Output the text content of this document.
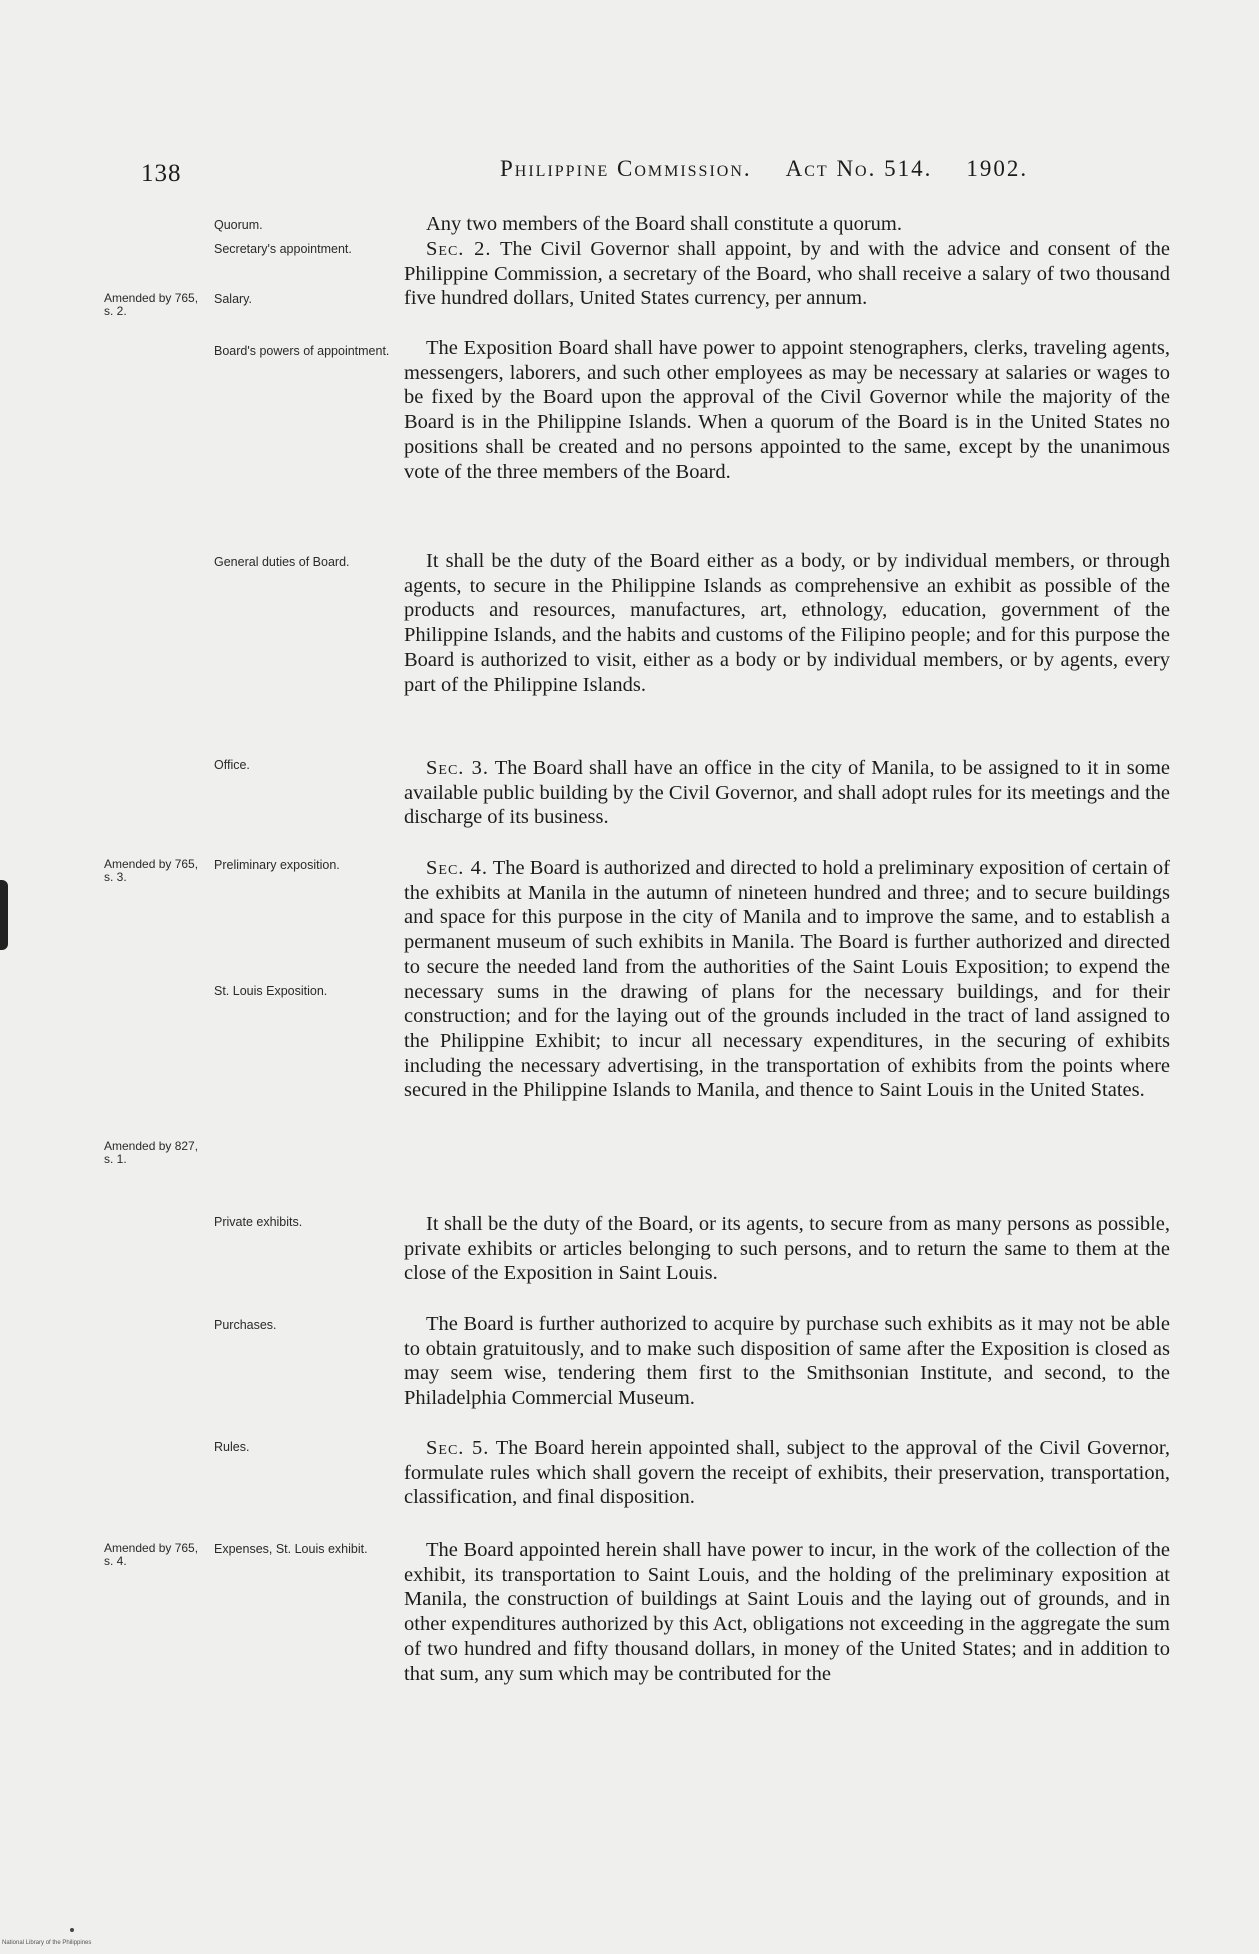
138	Philippine Commission. Act No. 514. 1902.
Quorum.	Any two members of the Board shall constitute a quorum.

Secretary's appointment.
Salary.
Amended by 765, s. 2.

Sec. 2. The Civil Governor shall appoint, by and with the advice and consent of the Philippine Commission, a secretary of the Board, who shall receive a salary of two thousand five hundred dollars, United States currency, per annum.

Board's powers of appointment.	The Exposition Board shall have power to appoint stenographers, clerks, traveling agents, messengers, laborers, and such other employees as may be necessary at salaries or wages to be fixed by the Board upon the approval of the Civil Governor while the majority of the Board is in the Philippine Islands. When a quorum of the Board is in the United States no positions shall be created and no persons appointed to the same, except by the unanimous vote of the three members of the Board.

General duties of Board.	It shall be the duty of the Board either as a body, or by individual members, or through agents, to secure in the Philippine Islands as comprehensive an exhibit as possible of the products and resources, manufactures, art, ethnology, education, government of the Philippine Islands, and the habits and customs of the Filipino people; and for this purpose the Board is authorized to visit, either as a body or by individual members, or by agents, every part of the Philippine Islands.

Office.	Sec. 3. The Board shall have an office in the city of Manila, to be assigned to it in some available public building by the Civil Governor, and shall adopt rules for its meetings and the discharge of its business.

Preliminary exposition.
St. Louis Exposition.
Amended by 765, s. 3.
Amended by 827, s. 1.

Sec. 4. The Board is authorized and directed to hold a preliminary exposition of certain of the exhibits at Manila in the autumn of nineteen hundred and three; and to secure buildings and space for this purpose in the city of Manila and to improve the same, and to establish a permanent museum of such exhibits in Manila. The Board is further authorized and directed to secure the needed land from the authorities of the Saint Louis Exposition; to expend the necessary sums in the drawing of plans for the necessary buildings, and for their construction; and for the laying out of the grounds included in the tract of land assigned to the Philippine Exhibit; to incur all necessary expenditures, in the securing of exhibits including the necessary advertising, in the transportation of exhibits from the points where secured in the Philippine Islands to Manila, and thence to Saint Louis in the United States.

Private exhibits.	It shall be the duty of the Board, or its agents, to secure from as many persons as possible, private exhibits or articles belonging to such persons, and to return the same to them at the close of the Exposition in Saint Louis.

Purchases.	The Board is further authorized to acquire by purchase such exhibits as it may not be able to obtain gratuitously, and to make such disposition of same after the Exposition is closed as may seem wise, tendering them first to the Smithsonian Institute, and second, to the Philadelphia Commercial Museum.

Rules.	Sec. 5. The Board herein appointed shall, subject to the approval of the Civil Governor, formulate rules which shall govern the receipt of exhibits, their preservation, transportation, classification, and final disposition.

Expenses, St. Louis exhibit.
Amended by 765, s. 4.	The Board appointed herein shall have power to incur, in the work of the collection of the exhibit, its transportation to Saint Louis, and the holding of the preliminary exposition at Manila, the construction of buildings at Saint Louis and the laying out of grounds, and in other expenditures authorized by this Act, obligations not exceeding in the aggregate the sum of two hundred and fifty thousand dollars, in money of the United States; and in addition to that sum, any sum which may be contributed for the

National Library of the Philippines
